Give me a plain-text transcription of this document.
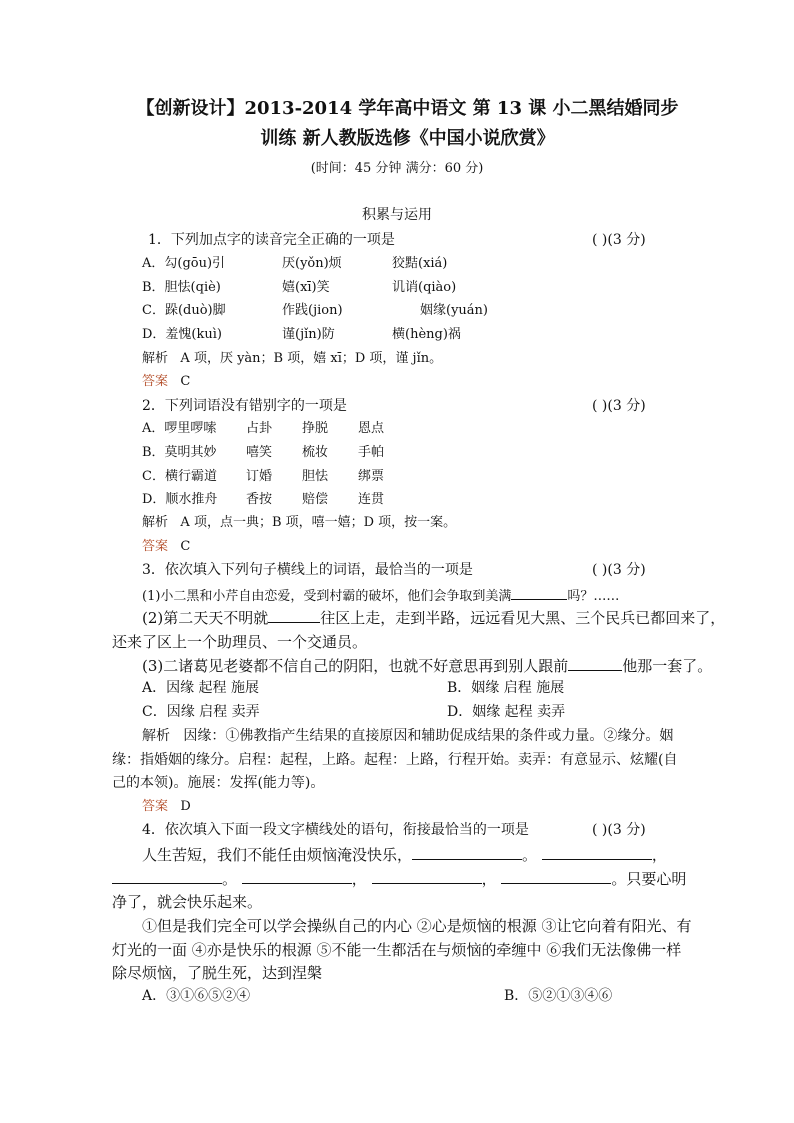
【创新设计】2013-2014 学年高中语文 第 13 课 小二黑结婚同步
训练 新人教版选修《中国小说欣赏》
(时间：45 分钟 满分：60 分)
积累与运用
1．下列加点字的读音完全正确的一项是	( )(3 分)
A．勾(gōu)引	厌(yǒn)烦	狡黠(xiá)
B．胆怯(qiè)	嬉(xī)笑	讥诮(qiào)
C．跺(duò)脚	作践(jion)	姻缘(yuán)
D．羞愧(kuì)	谨(jǐn)防	横(hèng)祸
解析 A 项，厌 yàn；B 项，嬉 xī；D 项，谨 jǐn。
答案 C
2．下列词语没有错别字的一项是	( )(3 分)
A．啰里啰嗦 占卦 挣脱 恩点
B．莫明其妙 嘻笑 梳妆 手帕
C．横行霸道 订婚 胆怯 绑票
D．顺水推舟 香按 赔偿 连贯
解析 A 项，点一典；B 项，嘻一嬉；D 项，按一案。
答案 C
3．依次填入下列句子横线上的词语，最恰当的一项是	( )(3 分)
(1)小二黑和小芹自由恋爱，受到村霸的破坏，他们会争取到美满	吗？……
(2)第二天天不明就	往区上走，走到半路，远远看见大黑、三个民兵已都回来了，
还来了区上一个助理员、一个交通员。
(3)二诸葛见老婆都不信自己的阴阳，也就不好意思再到别人跟前	他那一套了。
A．因缘 起程 施展	B．姻缘 启程 施展
C．因缘 启程 卖弄	D．姻缘 起程 卖弄
解析 因缘：①佛教指产生结果的直接原因和辅助促成结果的条件或力量。②缘分。姻
缘：指婚姻的缘分。启程：起程，上路。起程：上路，行程开始。卖弄：有意显示、炫耀(自
己的本领)。施展：发挥(能力等)。
答案 D
4．依次填入下面一段文字横线处的语句，衔接最恰当的一项是	( )(3 分)
人生苦短，我们不能任由烦恼淹没快乐，	。	，
。	，	，	。只要心明
净了，就会快乐起来。
①但是我们完全可以学会操纵自己的内心 ②心是烦恼的根源 ③让它向着有阳光、有
灯光的一面 ④亦是快乐的根源 ⑤不能一生都活在与烦恼的牵缠中 ⑥我们无法像佛一样
除尽烦恼，了脱生死，达到涅槃
A．③①⑥⑤②④	B．⑤②①③④⑥
